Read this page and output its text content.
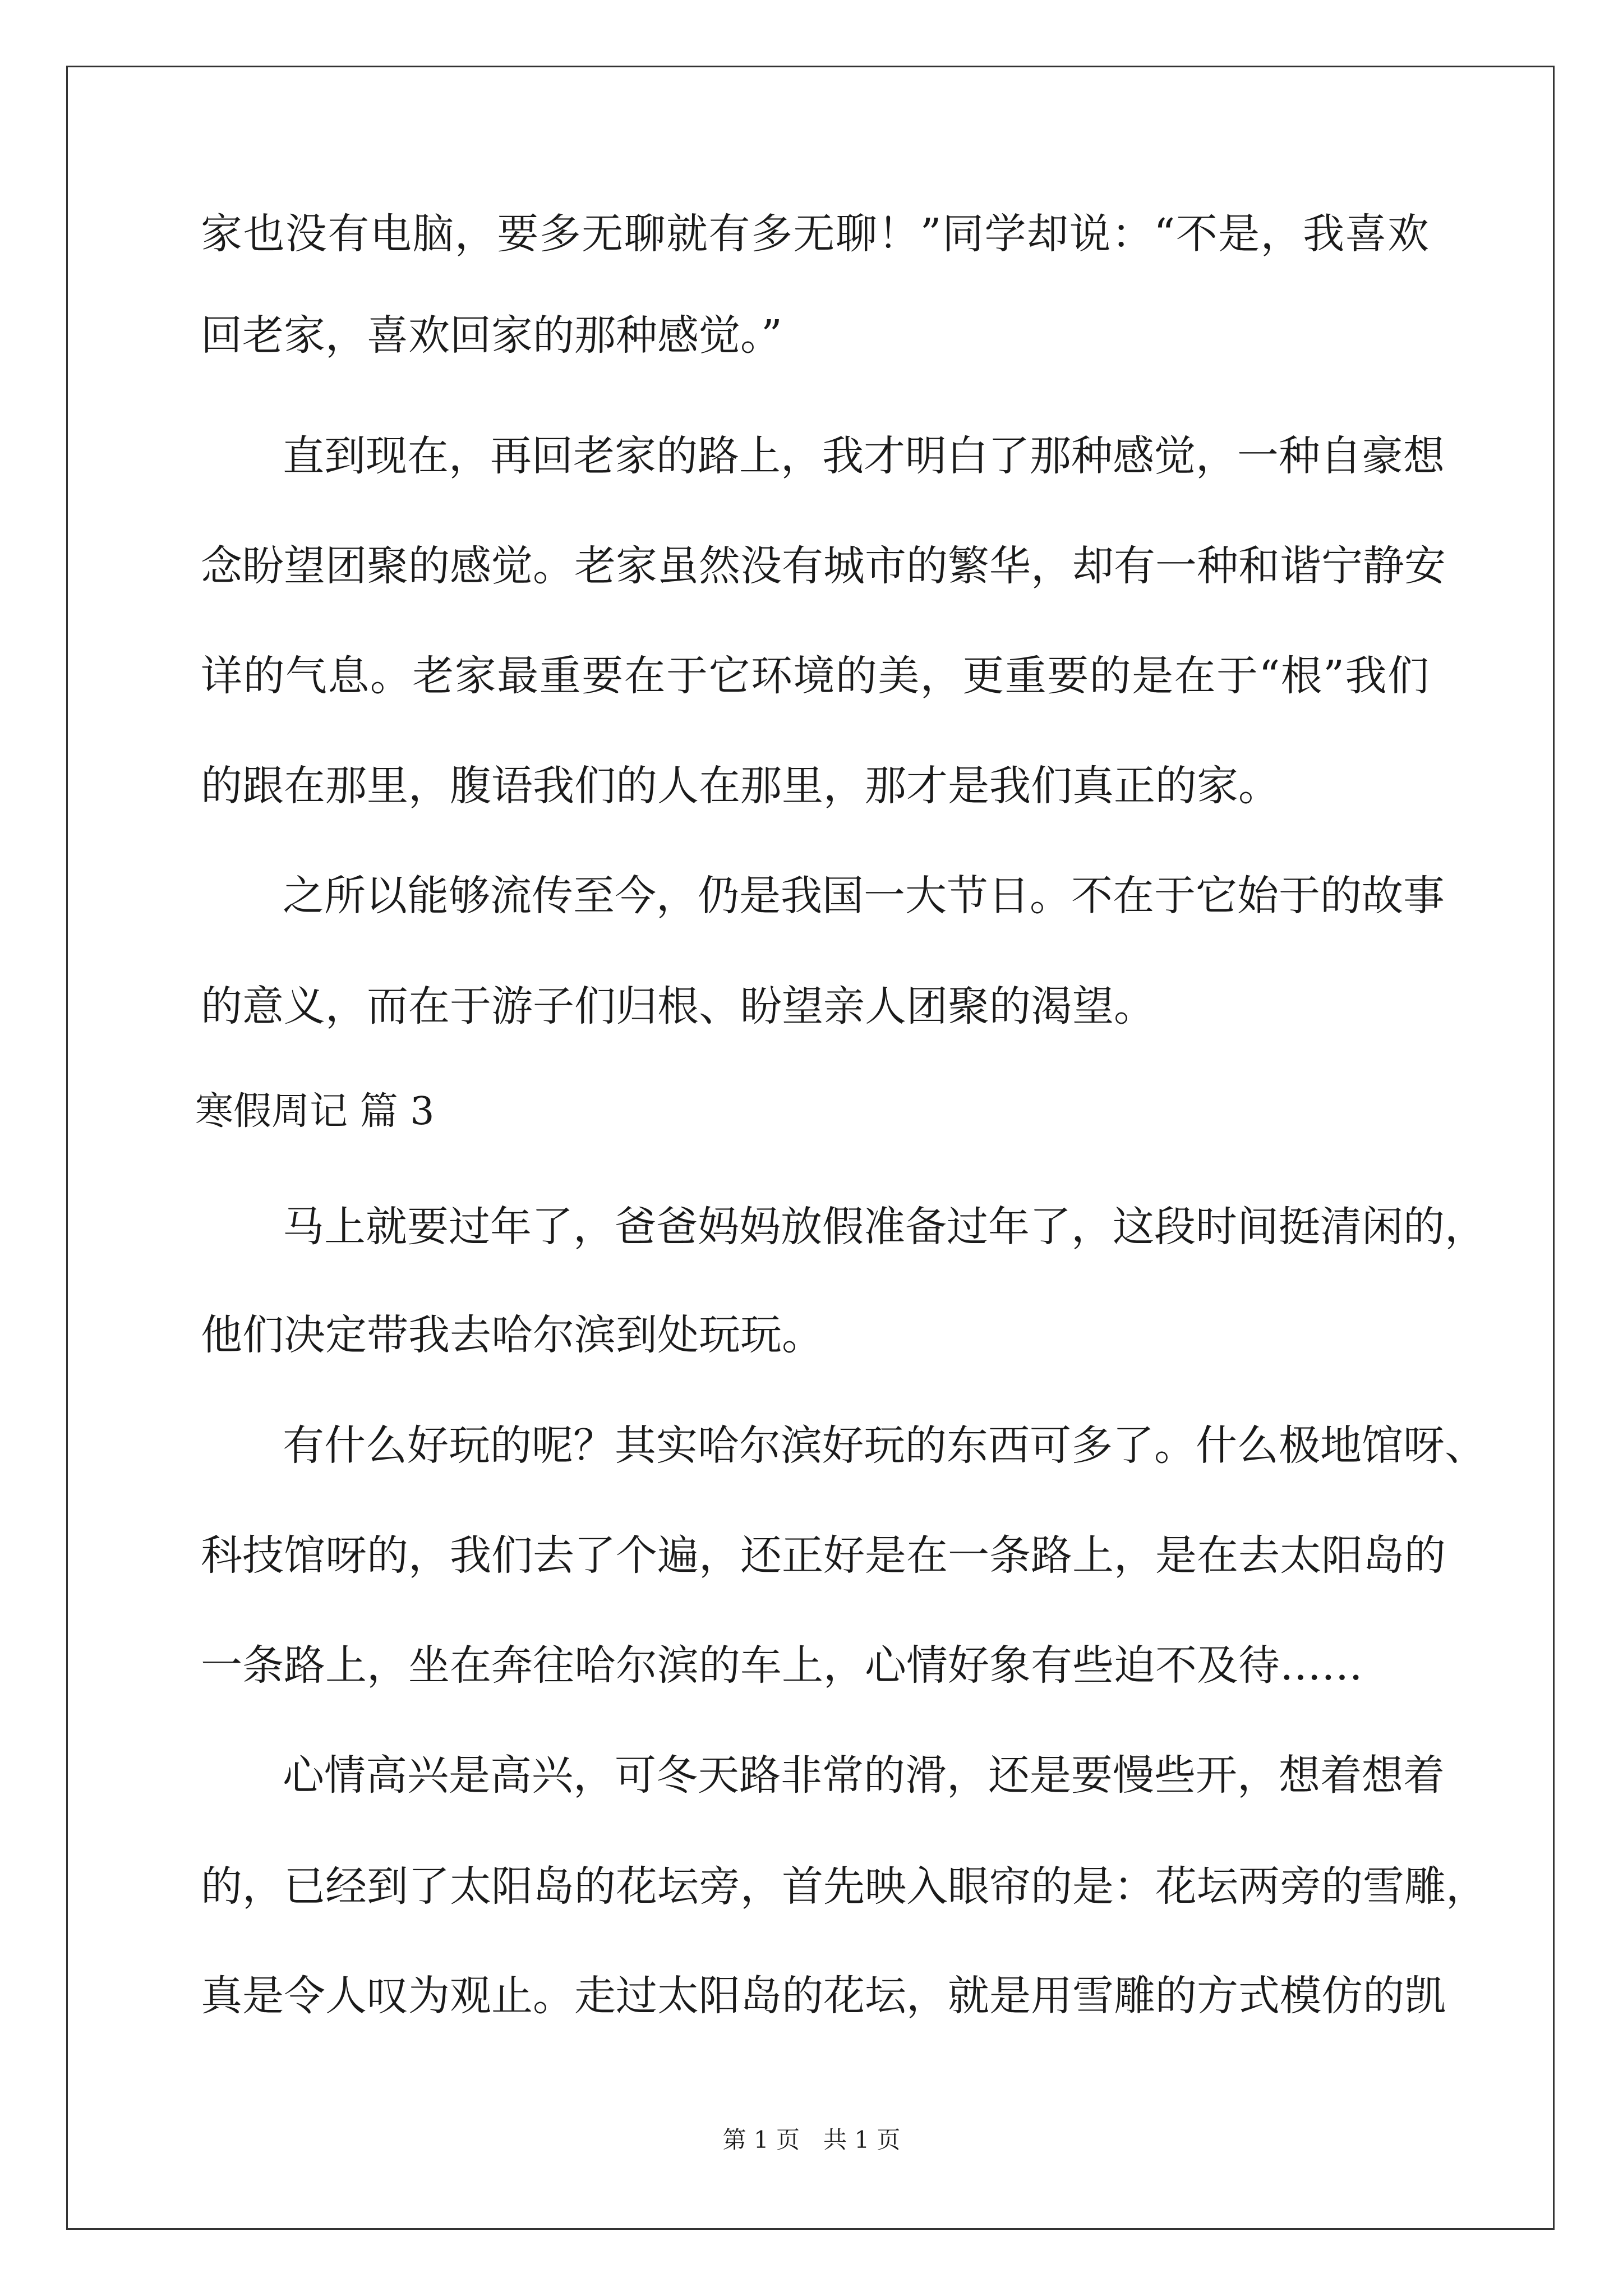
家也没有电脑，要多无聊就有多无聊！”同学却说：“不是，我喜欢
回老家，喜欢回家的那种感觉。”
直到现在，再回老家的路上，我才明白了那种感觉，一种自豪想
念盼望团聚的感觉。老家虽然没有城市的繁华，却有一种和谐宁静安
详的气息。老家最重要在于它环境的美，更重要的是在于“根”我们
的跟在那里，腹语我们的人在那里，那才是我们真正的家。
之所以能够流传至今，仍是我国一大节日。不在于它始于的故事
的意义，而在于游子们归根、盼望亲人团聚的渴望。
寒假周记 篇 3
马上就要过年了，爸爸妈妈放假准备过年了，这段时间挺清闲的，
他们决定带我去哈尔滨到处玩玩。
有什么好玩的呢？其实哈尔滨好玩的东西可多了。什么极地馆呀、
科技馆呀的，我们去了个遍，还正好是在一条路上，是在去太阳岛的
一条路上，坐在奔往哈尔滨的车上，心情好象有些迫不及待……
心情高兴是高兴，可冬天路非常的滑，还是要慢些开，想着想着
的，已经到了太阳岛的花坛旁，首先映入眼帘的是：花坛两旁的雪雕，
真是令人叹为观止。走过太阳岛的花坛，就是用雪雕的方式模仿的凯
第 1 页　共 1 页
